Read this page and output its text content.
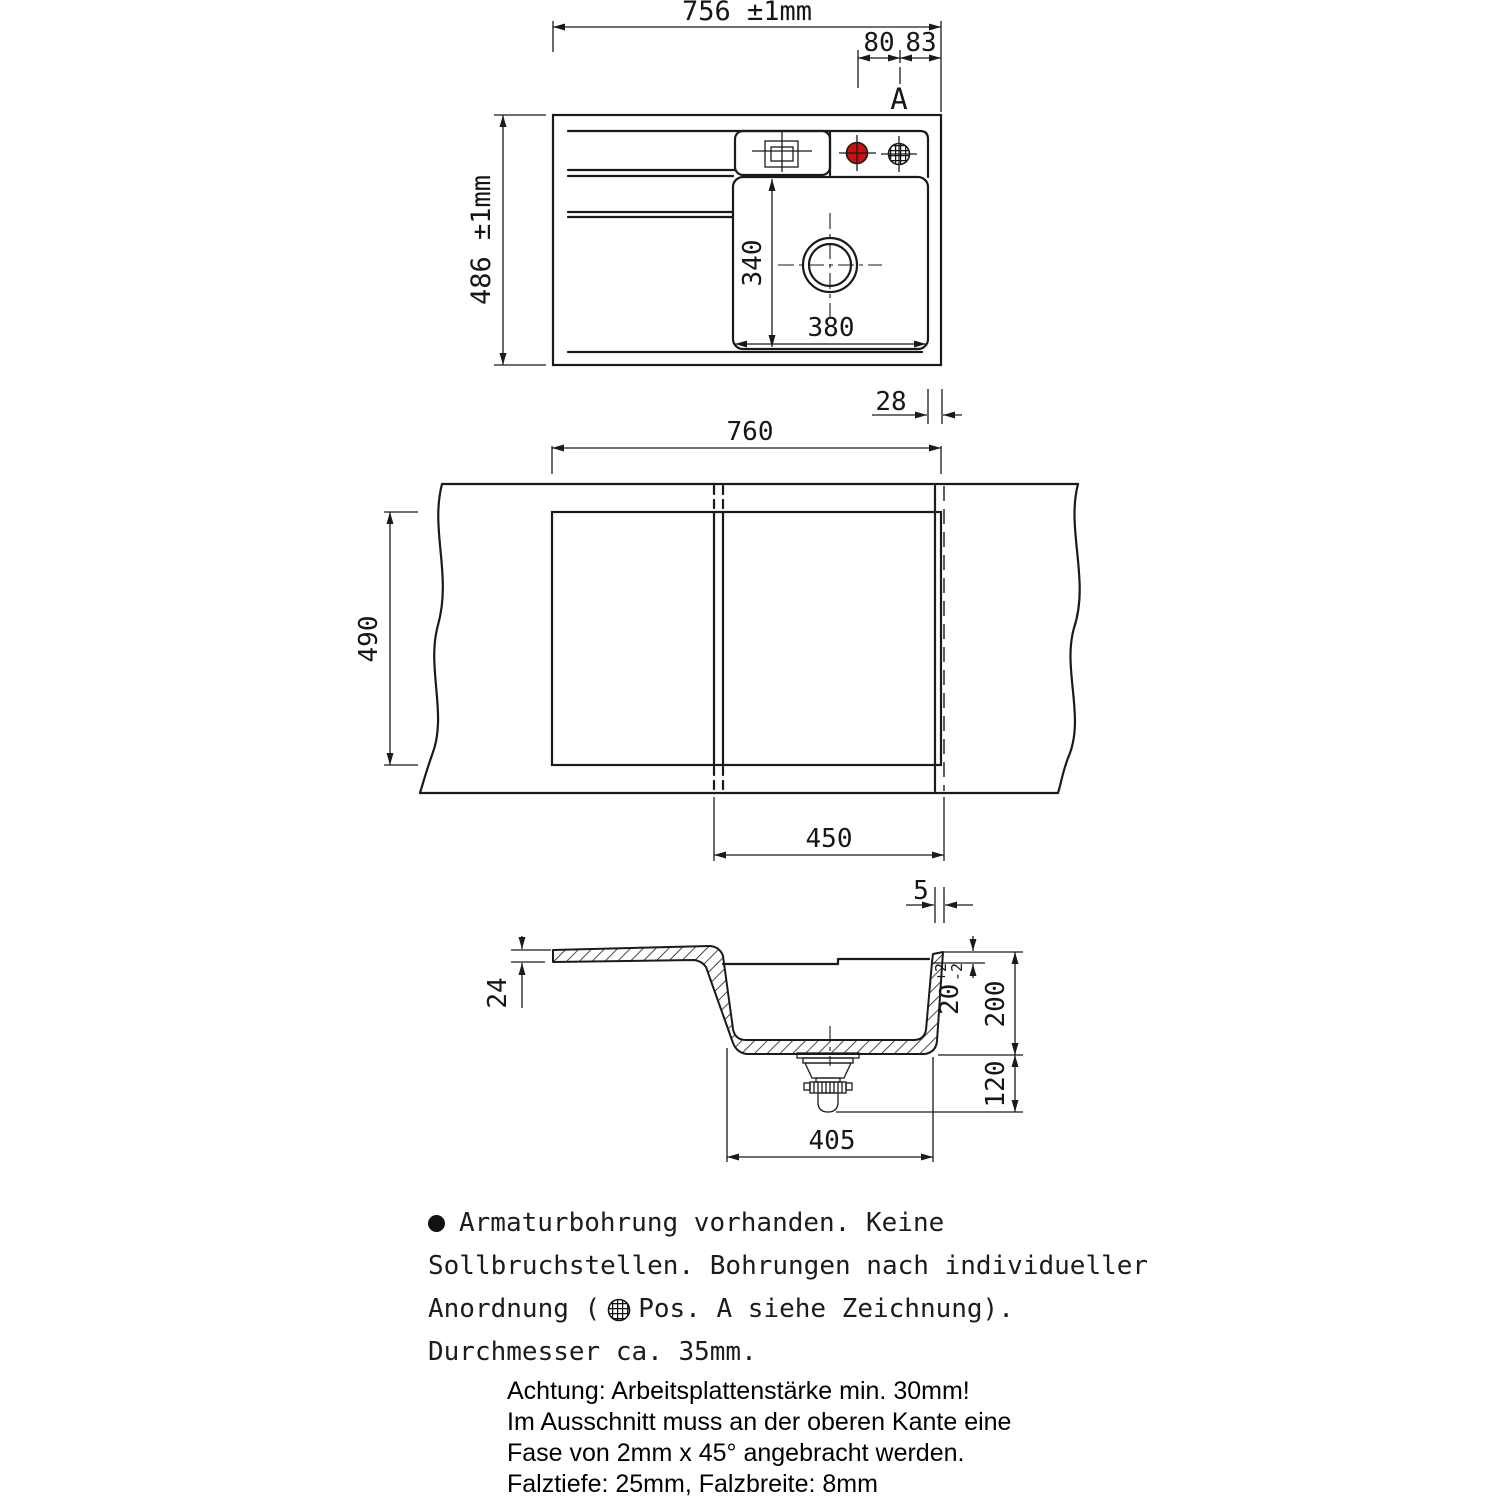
756 ±1mm
80 83
A
486 ±1mm	340
380
28
760
490
450
5
24	20
+2
-2
200
120
405
Armaturbohrung vorhanden. Keine
Sollbruchstellen. Bohrungen nach individueller
Anordnung ( Pos. A siehe Zeichnung).
Durchmesser ca. 35mm.
Achtung: Arbeitsplattenstärke min. 30mm!
Im Ausschnitt muss an der oberen Kante eine
Fase von 2mm x 45° angebracht werden.
Falztiefe: 25mm, Falzbreite: 8mm
